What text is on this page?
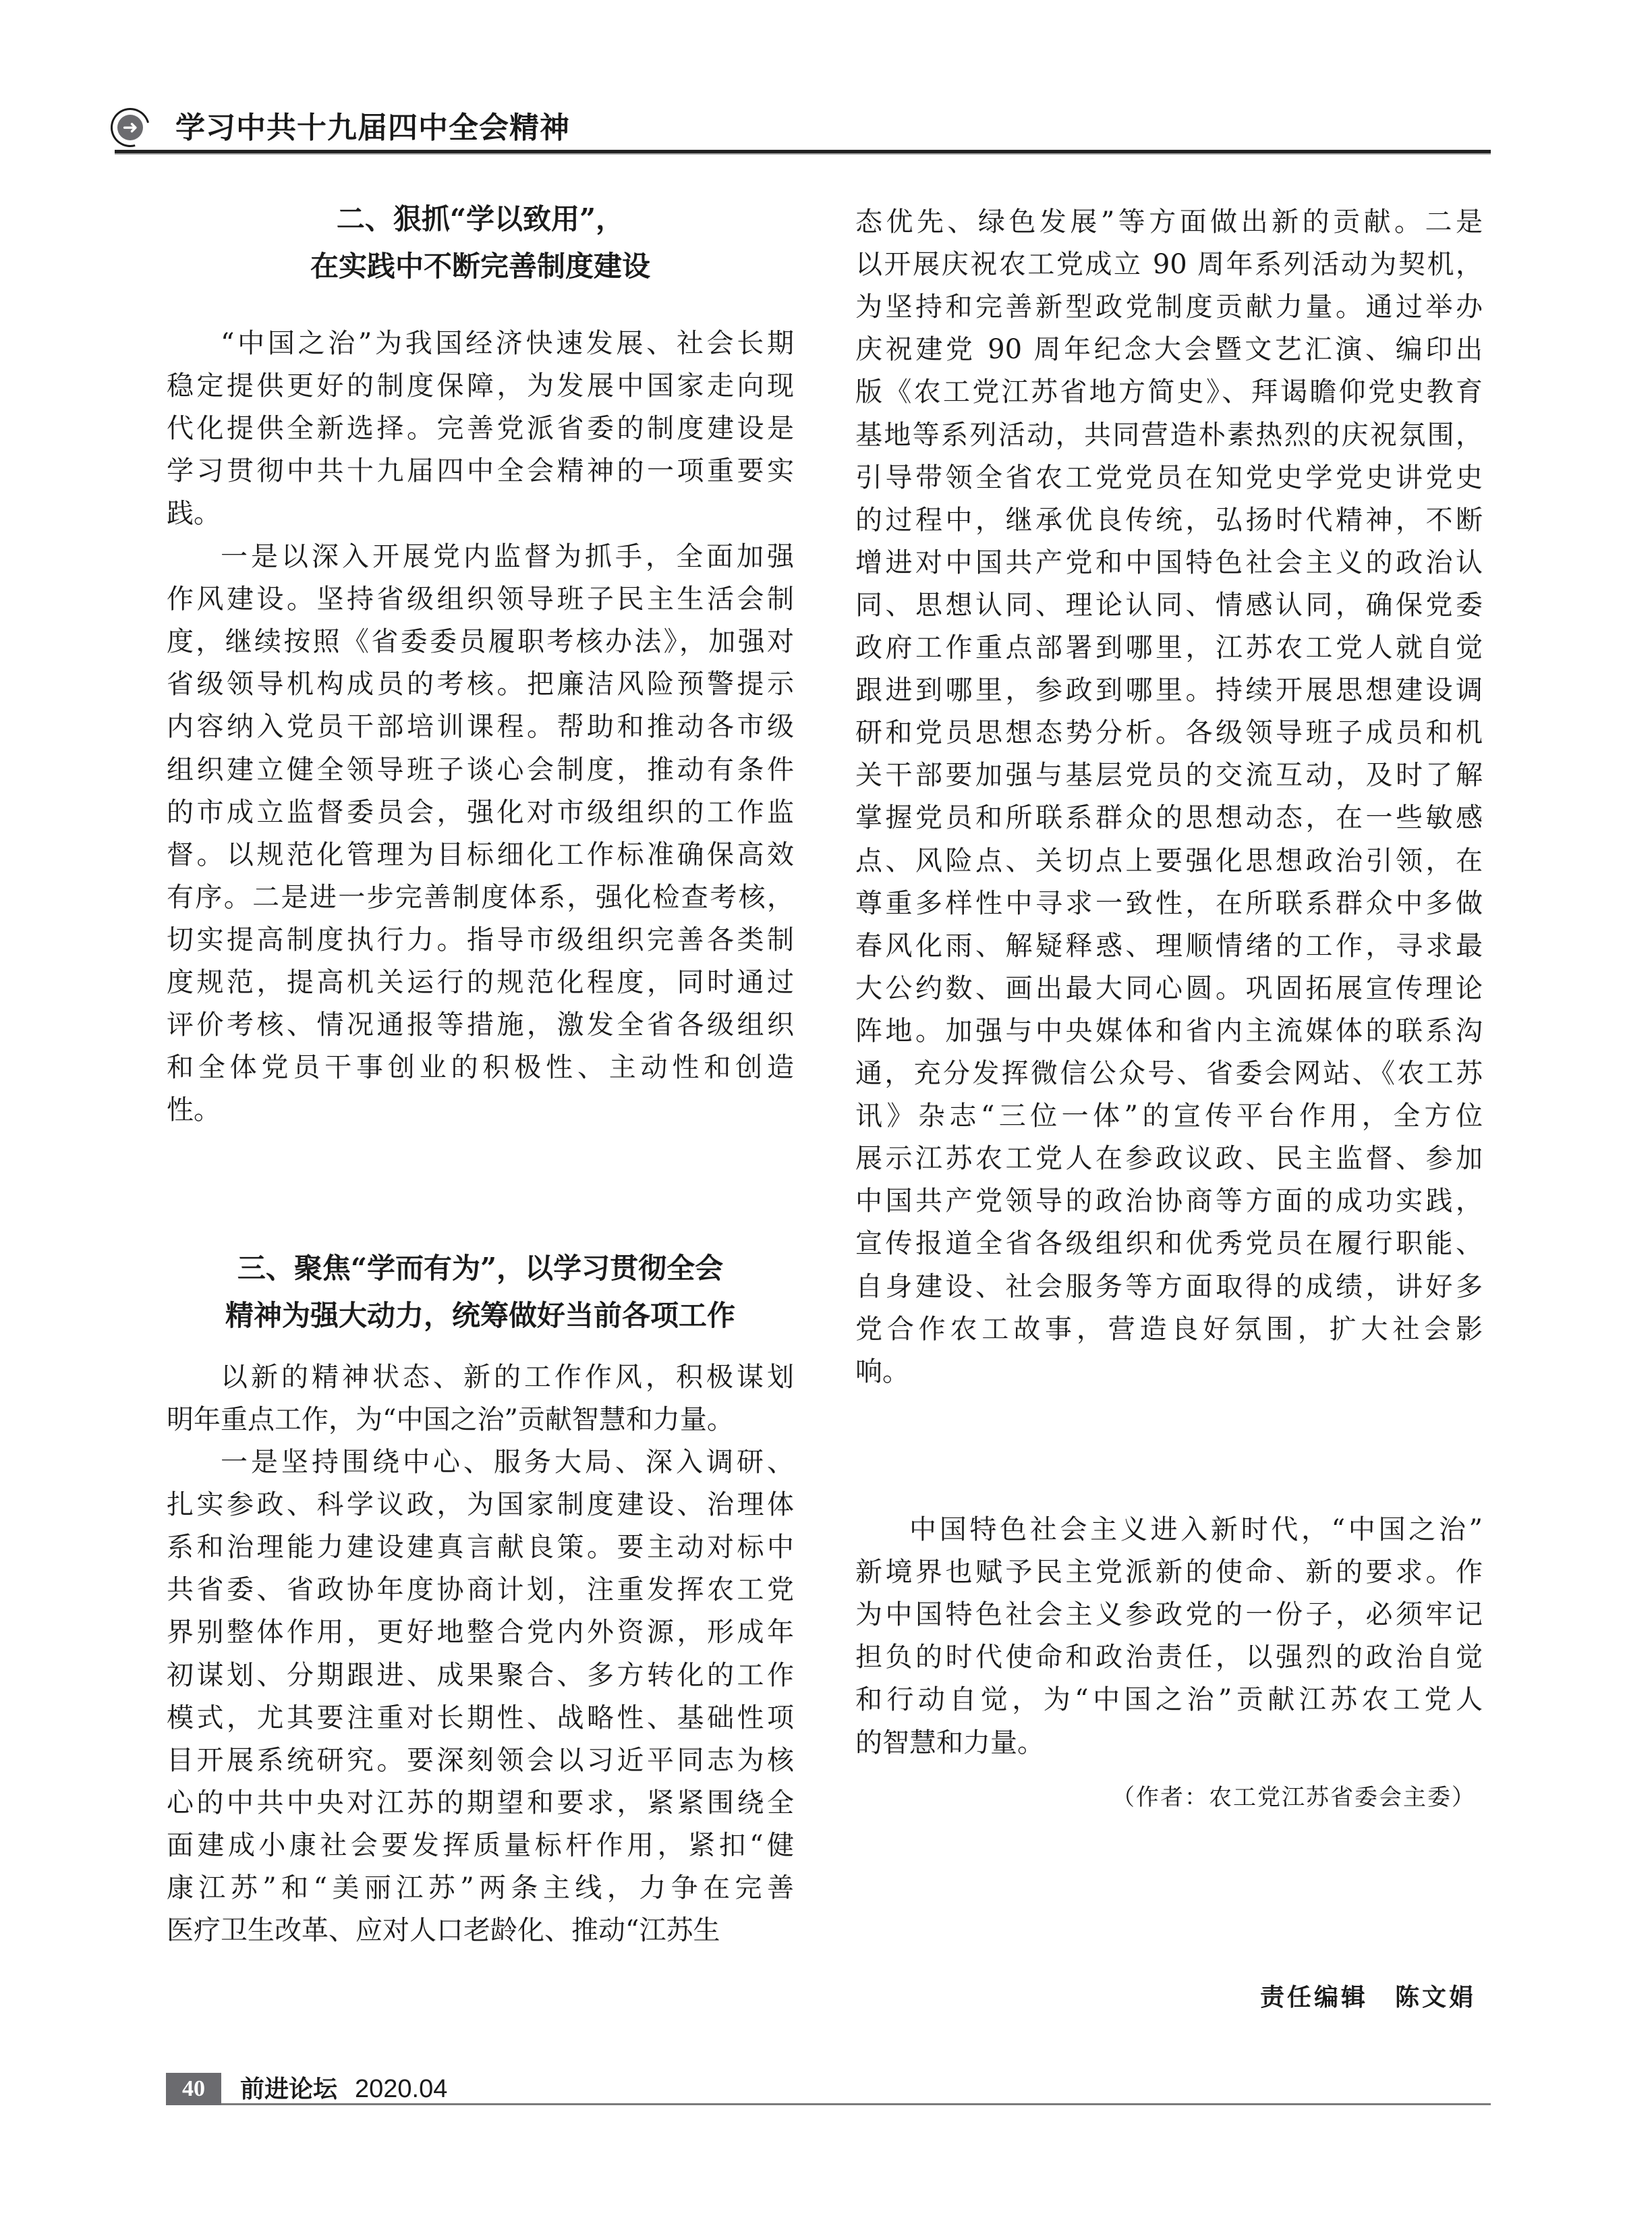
➜ 学习中共十九届四中全会精神
二、狠抓“学以致用”，
在实践中不断完善制度建设
“中国之治”为我国经济快速发展、社会长期
稳定提供更好的制度保障，为发展中国家走向现
代化提供全新选择。完善党派省委的制度建设是
学习贯彻中共十九届四中全会精神的一项重要实
践。
一是以深入开展党内监督为抓手，全面加强
作风建设。坚持省级组织领导班子民主生活会制
度，继续按照《省委委员履职考核办法》，加强对
省级领导机构成员的考核。把廉洁风险预警提示
内容纳入党员干部培训课程。帮助和推动各市级
组织建立健全领导班子谈心会制度，推动有条件
的市成立监督委员会，强化对市级组织的工作监
督。以规范化管理为目标细化工作标准确保高效
有序。二是进一步完善制度体系，强化检查考核，
切实提高制度执行力。指导市级组织完善各类制
度规范，提高机关运行的规范化程度，同时通过
评价考核、情况通报等措施，激发全省各级组织
和全体党员干事创业的积极性、主动性和创造
性。
三、聚焦“学而有为”，以学习贯彻全会
精神为强大动力，统筹做好当前各项工作
以新的精神状态、新的工作作风，积极谋划
明年重点工作，为“中国之治”贡献智慧和力量。
一是坚持围绕中心、服务大局、深入调研、
扎实参政、科学议政，为国家制度建设、治理体
系和治理能力建设建真言献良策。要主动对标中
共省委、省政协年度协商计划，注重发挥农工党
界别整体作用，更好地整合党内外资源，形成年
初谋划、分期跟进、成果聚合、多方转化的工作
模式，尤其要注重对长期性、战略性、基础性项
目开展系统研究。要深刻领会以习近平同志为核
心的中共中央对江苏的期望和要求，紧紧围绕全
面建成小康社会要发挥质量标杆作用，紧扣“健
康江苏”和“美丽江苏”两条主线，力争在完善
医疗卫生改革、应对人口老龄化、推动“江苏生
态优先、绿色发展”等方面做出新的贡献。二是
以开展庆祝农工党成立 90 周年系列活动为契机，
为坚持和完善新型政党制度贡献力量。通过举办
庆祝建党 90 周年纪念大会暨文艺汇演、编印出
版《农工党江苏省地方简史》、拜谒瞻仰党史教育
基地等系列活动，共同营造朴素热烈的庆祝氛围，
引导带领全省农工党党员在知党史学党史讲党史
的过程中，继承优良传统，弘扬时代精神，不断
增进对中国共产党和中国特色社会主义的政治认
同、思想认同、理论认同、情感认同，确保党委
政府工作重点部署到哪里，江苏农工党人就自觉
跟进到哪里，参政到哪里。持续开展思想建设调
研和党员思想态势分析。各级领导班子成员和机
关干部要加强与基层党员的交流互动，及时了解
掌握党员和所联系群众的思想动态，在一些敏感
点、风险点、关切点上要强化思想政治引领，在
尊重多样性中寻求一致性，在所联系群众中多做
春风化雨、解疑释惑、理顺情绪的工作，寻求最
大公约数、画出最大同心圆。巩固拓展宣传理论
阵地。加强与中央媒体和省内主流媒体的联系沟
通，充分发挥微信公众号、省委会网站、《农工苏
讯》杂志“三位一体”的宣传平台作用，全方位
展示江苏农工党人在参政议政、民主监督、参加
中国共产党领导的政治协商等方面的成功实践，
宣传报道全省各级组织和优秀党员在履行职能、
自身建设、社会服务等方面取得的成绩，讲好多
党合作农工故事，营造良好氛围，扩大社会影
响。
中国特色社会主义进入新时代，“中国之治”
新境界也赋予民主党派新的使命、新的要求。作
为中国特色社会主义参政党的一份子，必须牢记
担负的时代使命和政治责任，以强烈的政治自觉
和行动自觉，为“中国之治”贡献江苏农工党人
的智慧和力量。
（作者：农工党江苏省委会主委）
责任编辑　陈文娟
40	前进论坛 2020.04
